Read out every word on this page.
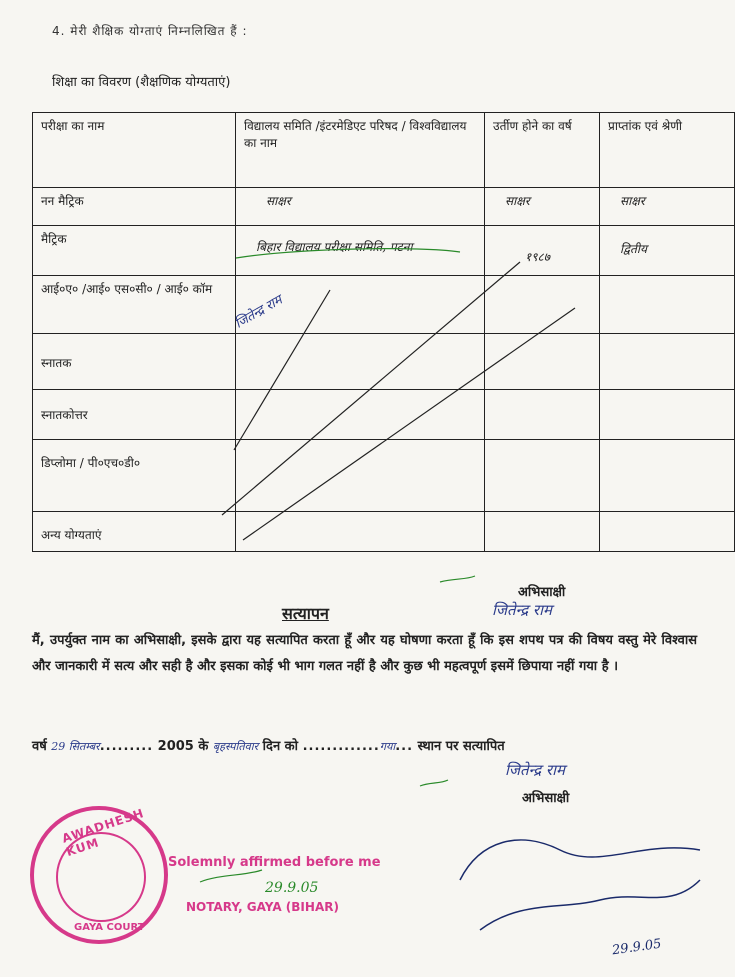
4. मेरी शैक्षिक योग्ताएं निम्नलिखित हैं :
शिक्षा का विवरण (शैक्षणिक योग्यताएं)
परीक्षा का नाम	विद्यालय समिति /इंटरमेडिएट परिषद / विश्वविद्यालय का नाम	उर्तीण होने का वर्ष	प्राप्तांक एवं श्रेणी
नन मैट्रिक	साक्षर	साक्षर	साक्षर
मैट्रिक	बिहार विद्यालय परीक्षा समिति, पटना	१९८७	द्वितीय
आई०ए० /आई० एस०सी० / आई० कॉम			
स्नातक			
स्नातकोत्तर			
डिप्लोमा / पी०एच०डी०			
अन्य योग्यताएं			
जितेन्द्र राम
अभिसाक्षी
जितेन्द्र राम
सत्यापन
मैं, उपर्युक्त नाम का अभिसाक्षी, इसके द्वारा यह सत्यापित करता हूँ और यह घोषणा करता हूँ कि इस शपथ पत्र की विषय वस्तु मेरे विश्वास और जानकारी में सत्य और सही है और इसका कोई भी भाग गलत नहीं है और कुछ भी महत्वपूर्ण इसमें छिपाया नहीं गया है ।
वर्ष 29 सितम्बर......... 2005 के बृहस्पतिवार दिन को .............गया... स्थान पर सत्यापित
जितेन्द्र राम
अभिसाक्षी
AWADHESH KUM
GAYA COURT
Solemnly affirmed before me
29.9.05
NOTARY, GAYA (BIHAR)
29.9.05
